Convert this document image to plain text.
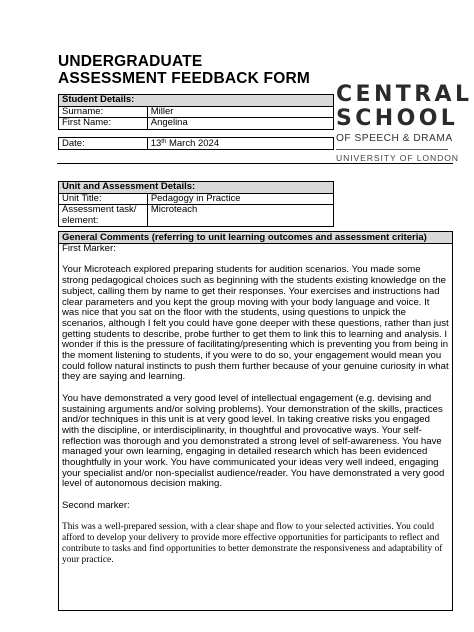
UNDERGRADUATE
ASSESSMENT FEEDBACK FORM
CENTRAL
SCHOOL
OF SPEECH & DRAMA
UNIVERSITY OF LONDON
Student Details:	
Surname:	Miller
First Name:	Angelina
Date:	13th March 2024
Unit and Assessment Details:	
Unit Title:	Pedagogy in Practice
Assessment task/
element:	Microteach
General Comments (referring to unit learning outcomes and assessment criteria)

First Marker:

Your Microteach explored preparing students for audition scenarios. You made some strong pedagogical choices such as beginning with the students existing knowledge on the subject, calling them by name to get their responses. Your exercises and instructions had clear parameters and you kept the group moving with your body language and voice. It was nice that you sat on the floor with the students, using questions to unpick the scenarios, although I felt you could have gone deeper with these questions, rather than just getting students to describe, probe further to get them to link this to learning and analysis. I wonder if this is the pressure of facilitating/presenting which is preventing you from being in the moment listening to students, if you were to do so, your engagement would mean you could follow natural instincts to push them further because of your genuine curiosity in what they are saying and learning.

You have demonstrated a very good level of intellectual engagement (e.g. devising and sustaining arguments and/or solving problems). Your demonstration of the skills, practices and/or techniques in this unit is at very good level. In taking creative risks you engaged with the discipline, or interdisciplinarity, in thoughtful and provocative ways. Your self-reflection was thorough and you demonstrated a strong level of self-awareness. You have managed your own learning, engaging in detailed research which has been evidenced thoughtfully in your work. You have communicated your ideas very well indeed, engaging your specialist and/or non-specialist audience/reader. You have demonstrated a very good level of autonomous decision making.

Second marker:

This was a well-prepared session, with a clear shape and flow to your selected activities. You could afford to develop your delivery to provide more effective opportunities for participants to reflect and contribute to tasks and find opportunities to better demonstrate the responsiveness and adaptability of your practice.
